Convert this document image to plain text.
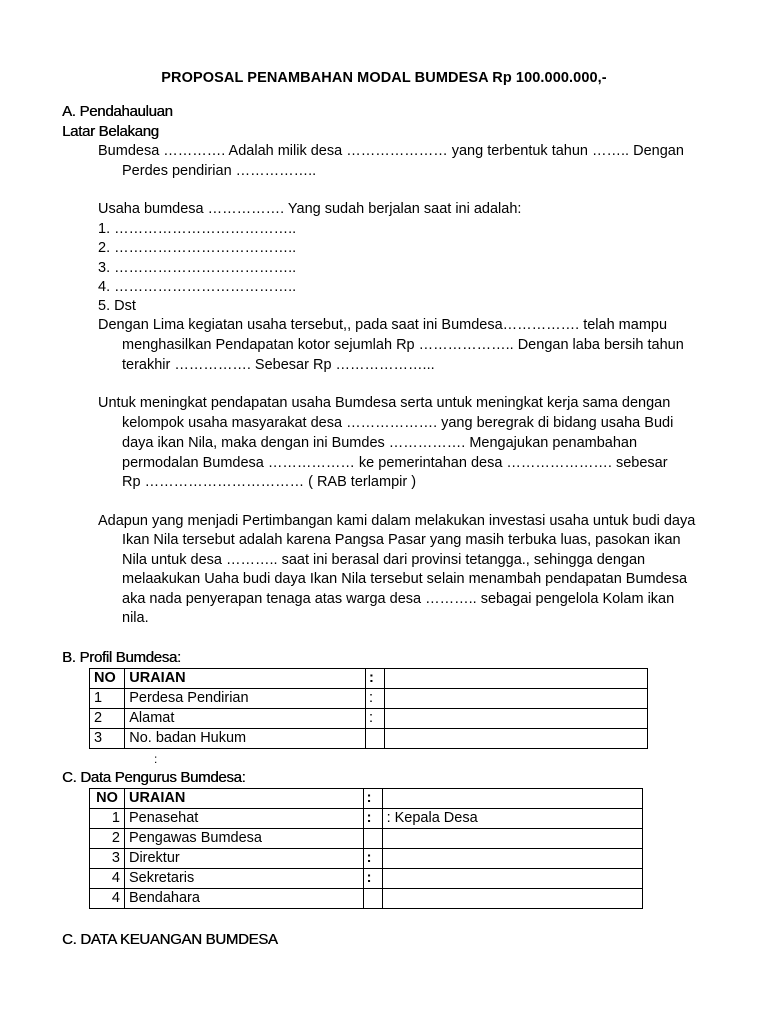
PROPOSAL PENAMBAHAN MODAL BUMDESA Rp 100.000.000,-
A. Pendahauluan
Latar Belakang
Bumdesa …………. Adalah milik desa ………………… yang terbentuk tahun …….. Dengan
Perdes pendirian ……………..
Usaha bumdesa ……………. Yang sudah berjalan saat ini adalah:
1. ………………………………..
2. ………………………………..
3. ………………………………..
4. ………………………………..
5. Dst
Dengan Lima kegiatan usaha tersebut,, pada saat ini Bumdesa……………. telah mampu
menghasilkan Pendapatan kotor sejumlah Rp ……………….. Dengan laba bersih tahun
terakhir ……………. Sebesar Rp ………………...
Untuk meningkat pendapatan usaha Bumdesa serta untuk meningkat kerja sama dengan
kelompok usaha masyarakat desa ………………. yang beregrak di bidang usaha Budi
daya ikan Nila, maka dengan ini Bumdes ……………. Mengajukan penambahan
permodalan Bumdesa ……………… ke pemerintahan desa …………………. sebesar
Rp …………………………… ( RAB terlampir )
Adapun yang menjadi Pertimbangan kami dalam melakukan investasi usaha untuk budi daya
Ikan Nila tersebut adalah karena Pangsa Pasar yang masih terbuka luas, pasokan ikan
Nila untuk desa ……….. saat ini berasal dari provinsi tetangga., sehingga dengan
melaakukan Uaha budi daya Ikan Nila tersebut selain menambah pendapatan Bumdesa
aka nada penyerapan tenaga atas warga desa ……….. sebagai pengelola Kolam ikan
nila.
B. Profil Bumdesa:
NO	URAIAN	:	
1	Perdesa Pendirian	:	
2	Alamat	:	
3	No. badan Hukum		
:
C. Data Pengurus Bumdesa:
NO	URAIAN	:	
1	Penasehat	:	: Kepala Desa
2	Pengawas Bumdesa		
3	Direktur	:	
4	Sekretaris	:	
4	Bendahara		
C. DATA KEUANGAN BUMDESA
